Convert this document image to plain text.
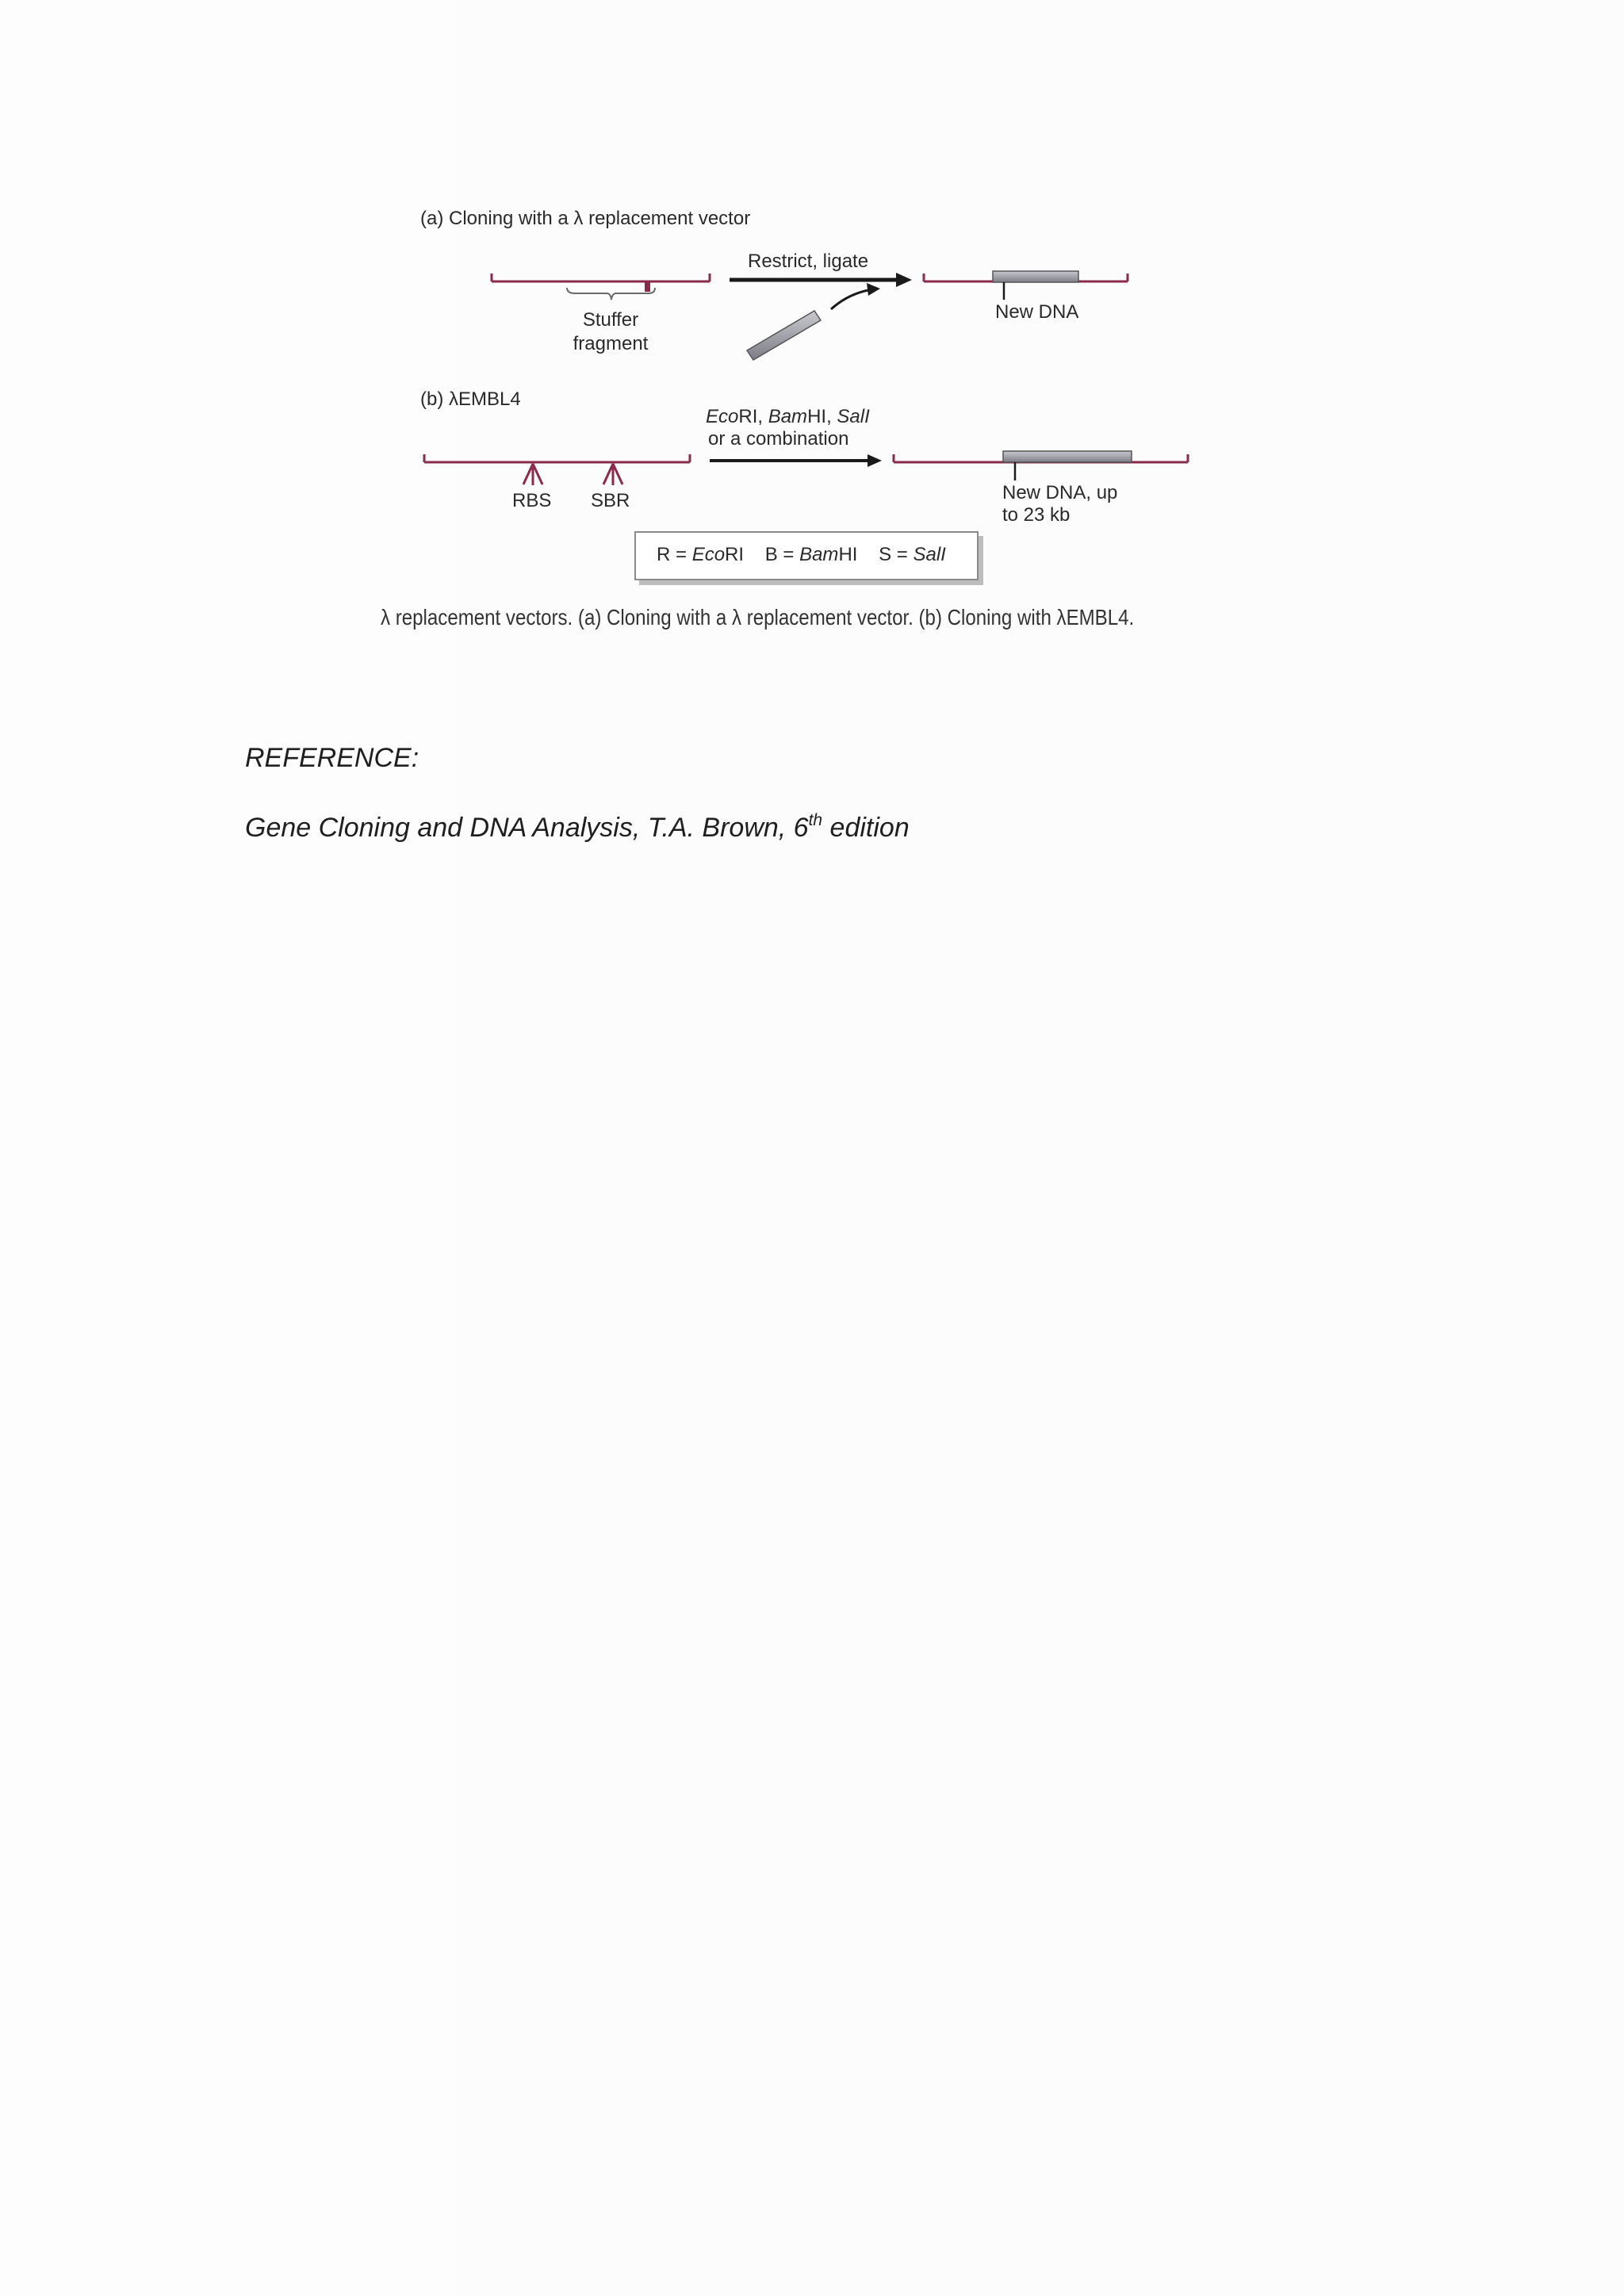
(a) Cloning with a λ replacement vector
Restrict, ligate
Stuffer
fragment
New DNA
(b) λEMBL4
EcoRI, BamHI, SalI
or a combination
RBS SBR	New DNA, up
to 23 kb
R = EcoRI B = BamHI S = SalI
λ replacement vectors. (a) Cloning with a λ replacement vector. (b) Cloning with λEMBL4.
REFERENCE:
Gene Cloning and DNA Analysis, T.A. Brown, 6th edition
